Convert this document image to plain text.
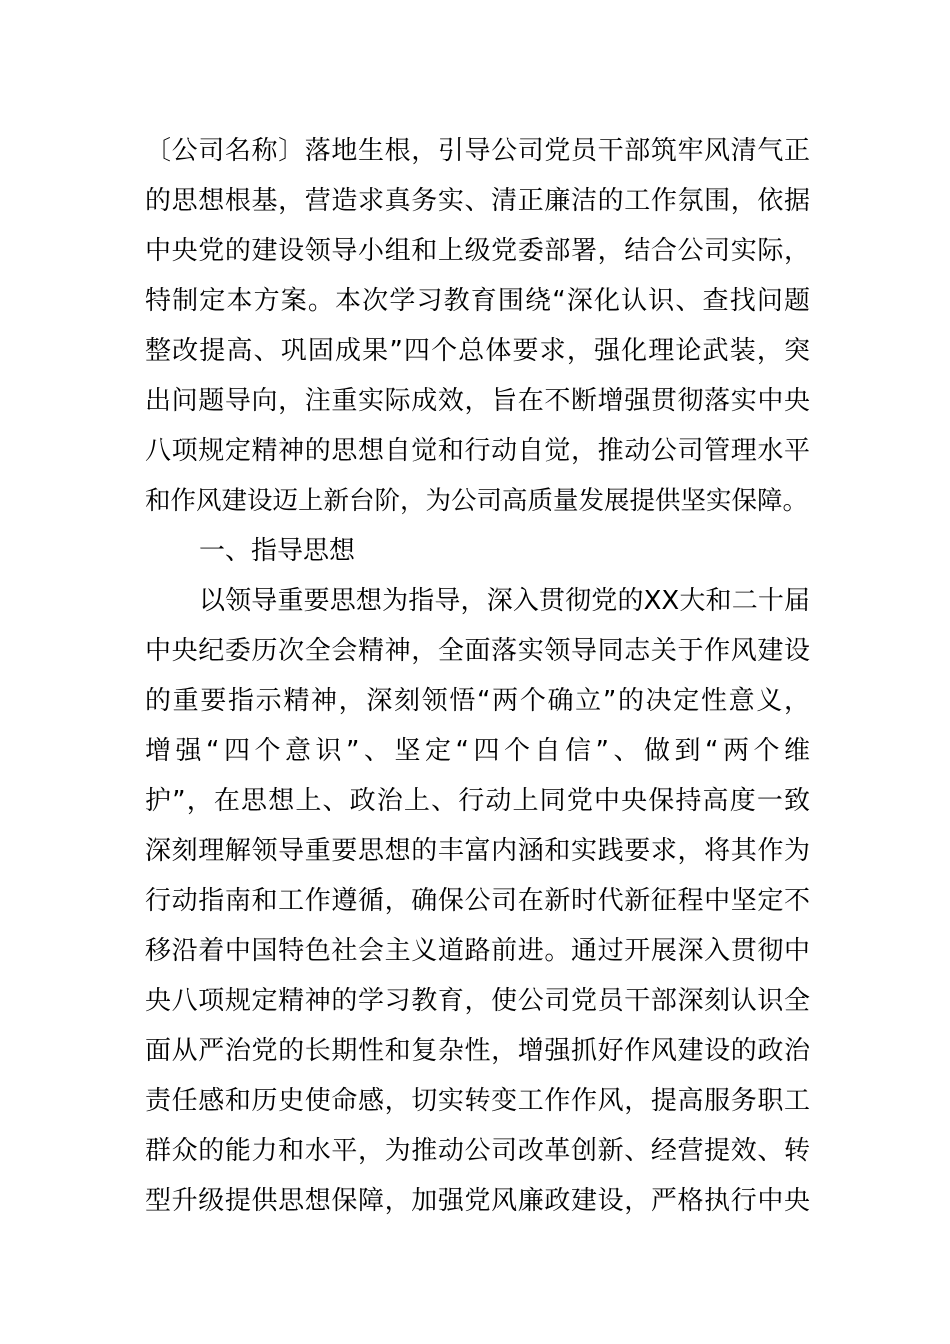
〔公司名称〕落地生根，引导公司党员干部筑牢风清气正
的思想根基，营造求真务实、清正廉洁的工作氛围，依据
中央党的建设领导小组和上级党委部署，结合公司实际，
特制定本方案。本次学习教育围绕“深化认识、查找问题
整改提高、巩固成果”四个总体要求，强化理论武装，突
出问题导向，注重实际成效，旨在不断增强贯彻落实中央
八项规定精神的思想自觉和行动自觉，推动公司管理水平
和作风建设迈上新台阶，为公司高质量发展提供坚实保障。
一、指导思想
以领导重要思想为指导，深入贯彻党的XX大和二十届
中央纪委历次全会精神，全面落实领导同志关于作风建设
的重要指示精神，深刻领悟“两个确立”的决定性意义，
增强“四个意识”、坚定“四个自信”、做到“两个维
护”，在思想上、政治上、行动上同党中央保持高度一致
深刻理解领导重要思想的丰富内涵和实践要求，将其作为
行动指南和工作遵循，确保公司在新时代新征程中坚定不
移沿着中国特色社会主义道路前进。通过开展深入贯彻中
央八项规定精神的学习教育，使公司党员干部深刻认识全
面从严治党的长期性和复杂性，增强抓好作风建设的政治
责任感和历史使命感，切实转变工作作风，提高服务职工
群众的能力和水平，为推动公司改革创新、经营提效、转
型升级提供思想保障，加强党风廉政建设，严格执行中央
